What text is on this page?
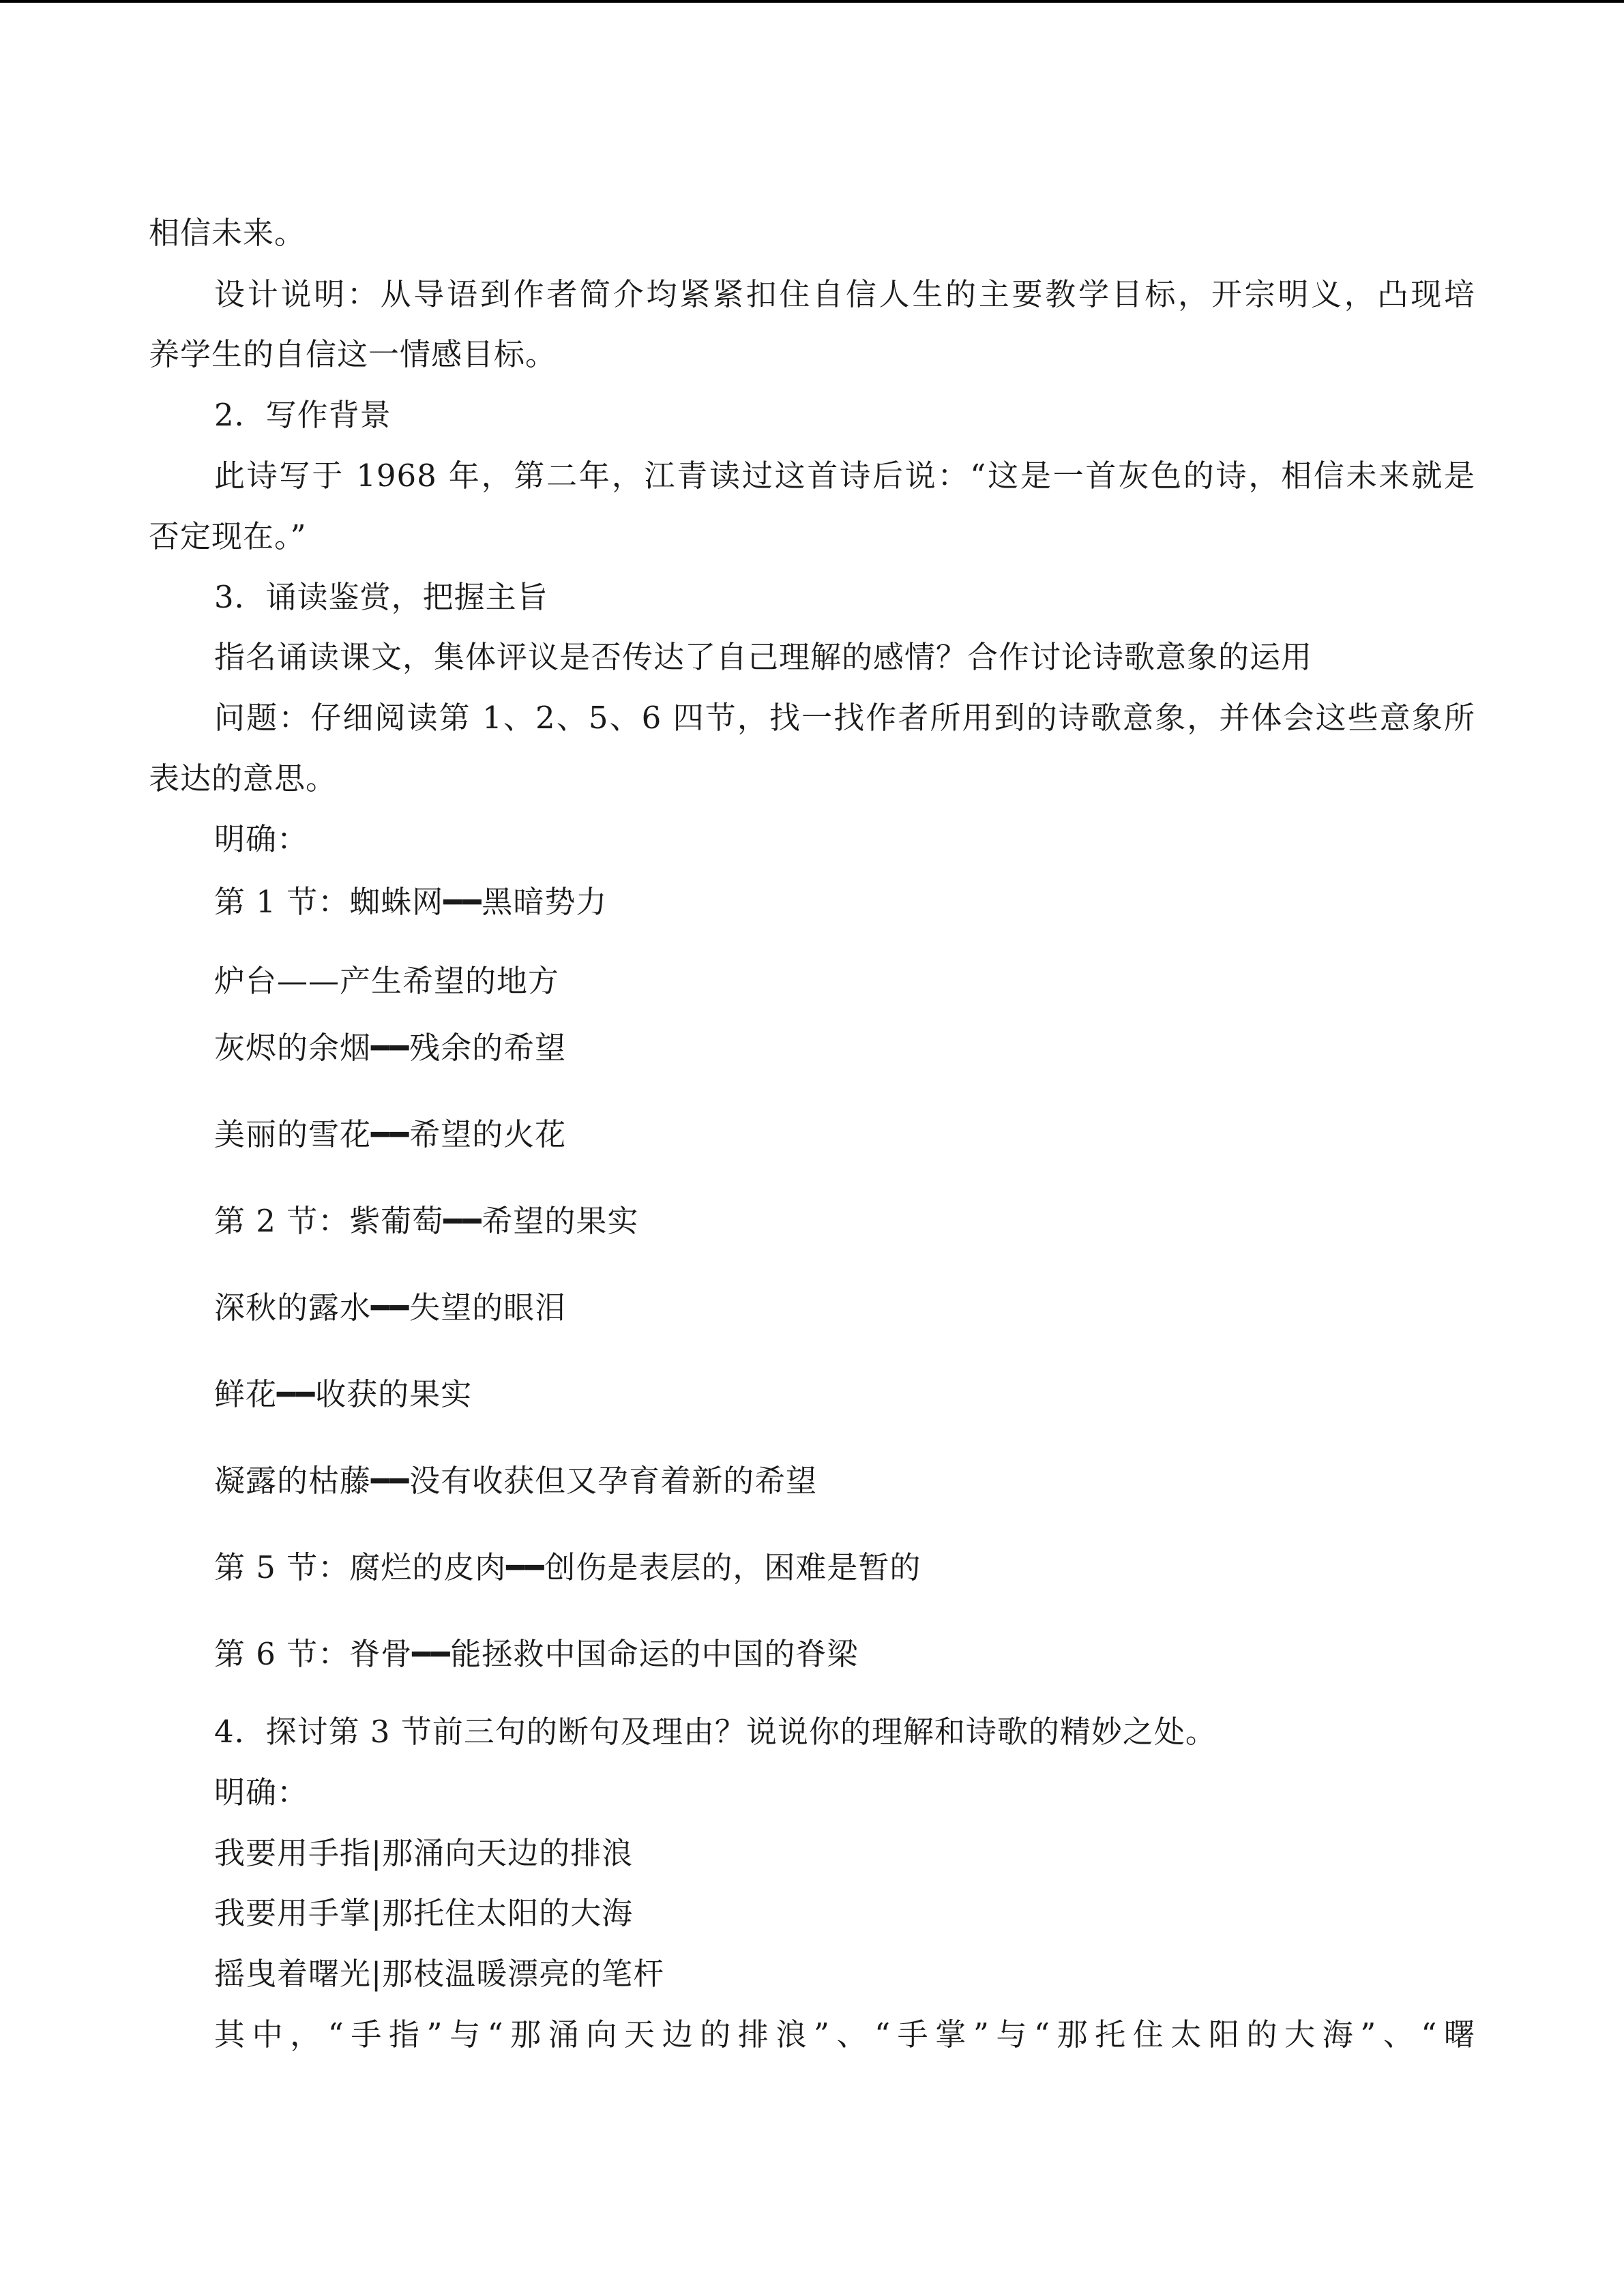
相信未来。
设计说明：从导语到作者简介均紧紧扣住自信人生的主要教学目标，开宗明义，凸现培
养学生的自信这一情感目标。
2．写作背景
此诗写于 1968 年，第二年，江青读过这首诗后说：“这是一首灰色的诗，相信未来就是
否定现在。”
3．诵读鉴赏，把握主旨
指名诵读课文，集体评议是否传达了自己理解的感情？合作讨论诗歌意象的运用
问题：仔细阅读第 1、2、5、6 四节，找一找作者所用到的诗歌意象，并体会这些意象所
表达的意思。
明确：
第 1 节：蜘蛛网━━黑暗势力
炉台——产生希望的地方
灰烬的余烟━━残余的希望
美丽的雪花━━希望的火花
第 2 节：紫葡萄━━希望的果实
深秋的露水━━失望的眼泪
鲜花━━收获的果实
凝露的枯藤━━没有收获但又孕育着新的希望
第 5 节：腐烂的皮肉━━创伤是表层的，困难是暂的
第 6 节：脊骨━━能拯救中国命运的中国的脊梁
4．探讨第 3 节前三句的断句及理由？说说你的理解和诗歌的精妙之处。
明确：
我要用手指|那涌向天边的排浪
我要用手掌|那托住太阳的大海
摇曳着曙光|那枝温暖漂亮的笔杆
其中，“手指”与“那涌向天边的排浪”、“手掌”与“那托住太阳的大海”、“曙
